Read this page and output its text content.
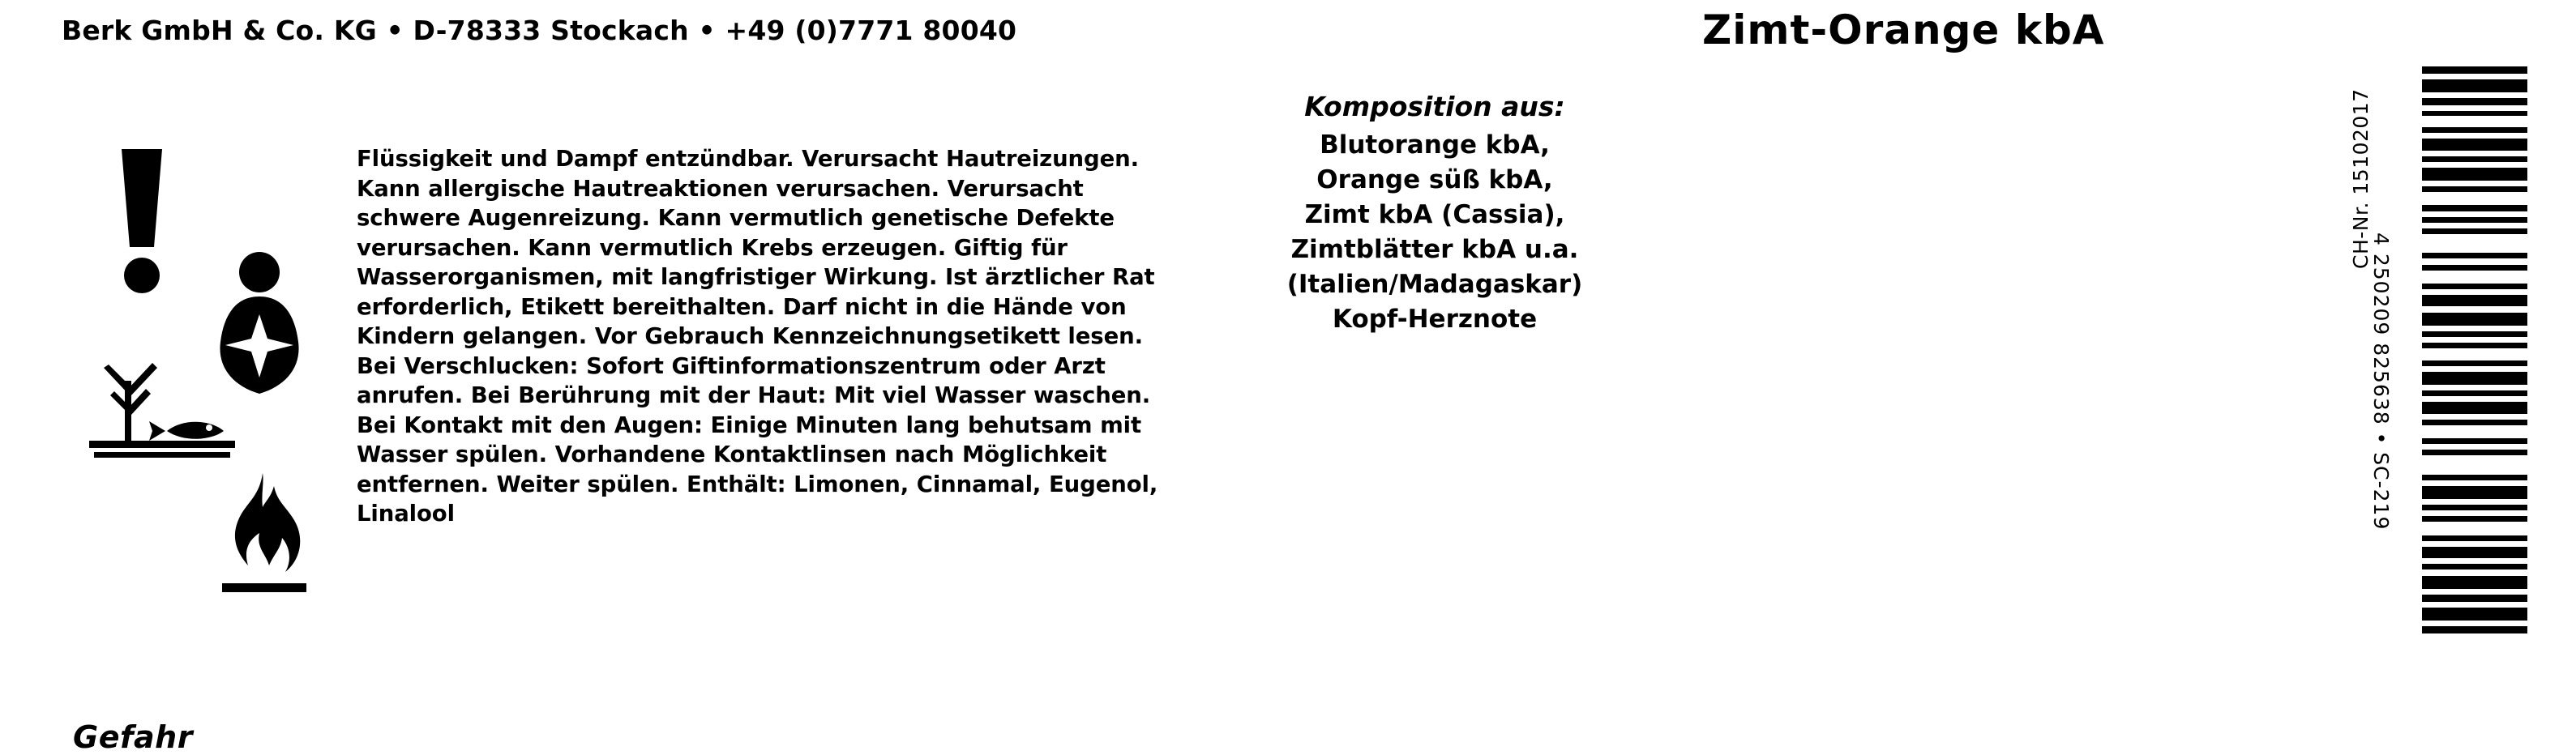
Berk GmbH & Co. KG • D-78333 Stockach • +49 (0)7771 80040	Zimt-Orange kbA
Gefahr
Flüssigkeit und Dampf entzündbar. Verursacht Hautreizungen. Kann allergische Hautreaktionen verursachen. Verursacht schwere Augenreizung. Kann vermutlich genetische Defekte verursachen. Kann vermutlich Krebs erzeugen. Giftig für Wasserorganismen, mit langfristiger Wirkung. Ist ärztlicher Rat erforderlich, Etikett bereithalten. Darf nicht in die Hände von Kindern gelangen. Vor Gebrauch Kennzeichnungsetikett lesen. Bei Verschlucken: Sofort Giftinformationszentrum oder Arzt anrufen. Bei Berührung mit der Haut: Mit viel Wasser waschen. Bei Kontakt mit den Augen: Einige Minuten lang behutsam mit Wasser spülen. Vorhandene Kontaktlinsen nach Möglichkeit entfernen. Weiter spülen. Enthält: Limonen, Cinnamal, Eugenol, Linalool
Komposition aus:
Blutorange kbA,
Orange süß kbA,
Zimt kbA (Cassia),
Zimtblätter kbA u.a.
(Italien/Madagaskar)
Kopf-Herznote	4 250209 825638 • SC-219
CH-Nr. 15102017
